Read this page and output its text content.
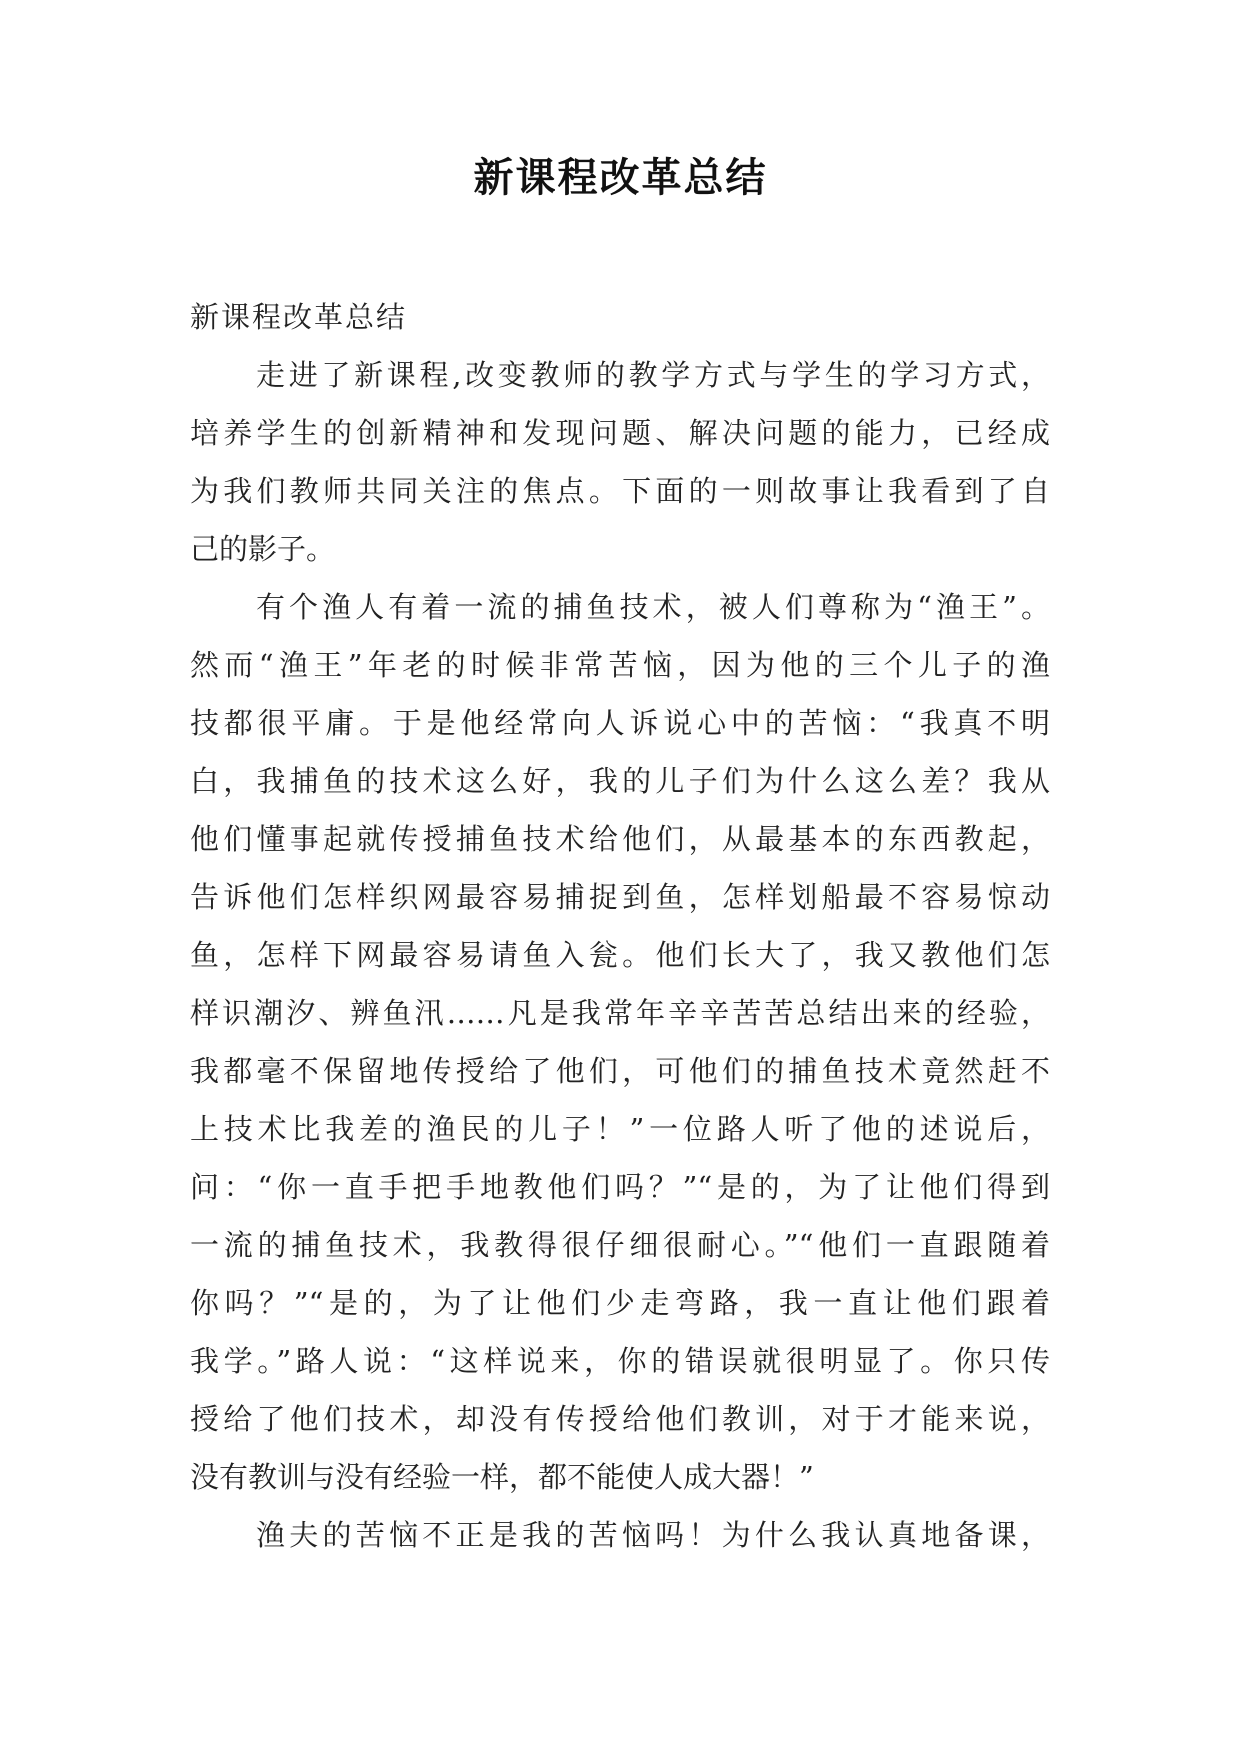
新课程改革总结
新课程改革总结
走进了新课程,改变教师的教学方式与学生的学习方式，
培养学生的创新精神和发现问题、解决问题的能力，已经成
为我们教师共同关注的焦点。下面的一则故事让我看到了自
己的影子。
有个渔人有着一流的捕鱼技术，被人们尊称为“渔王”。
然而“渔王”年老的时候非常苦恼，因为他的三个儿子的渔
技都很平庸。于是他经常向人诉说心中的苦恼：“我真不明
白，我捕鱼的技术这么好，我的儿子们为什么这么差？我从
他们懂事起就传授捕鱼技术给他们，从最基本的东西教起，
告诉他们怎样织网最容易捕捉到鱼，怎样划船最不容易惊动
鱼，怎样下网最容易请鱼入瓮。他们长大了，我又教他们怎
样识潮汐、辨鱼汛……凡是我常年辛辛苦苦总结出来的经验，
我都毫不保留地传授给了他们，可他们的捕鱼技术竟然赶不
上技术比我差的渔民的儿子！”一位路人听了他的述说后，
问：“你一直手把手地教他们吗？”“是的，为了让他们得到
一流的捕鱼技术，我教得很仔细很耐心。”“他们一直跟随着
你吗？”“是的，为了让他们少走弯路，我一直让他们跟着
我学。”路人说：“这样说来，你的错误就很明显了。你只传
授给了他们技术，却没有传授给他们教训，对于才能来说，
没有教训与没有经验一样，都不能使人成大器！”
渔夫的苦恼不正是我的苦恼吗！为什么我认真地备课，
